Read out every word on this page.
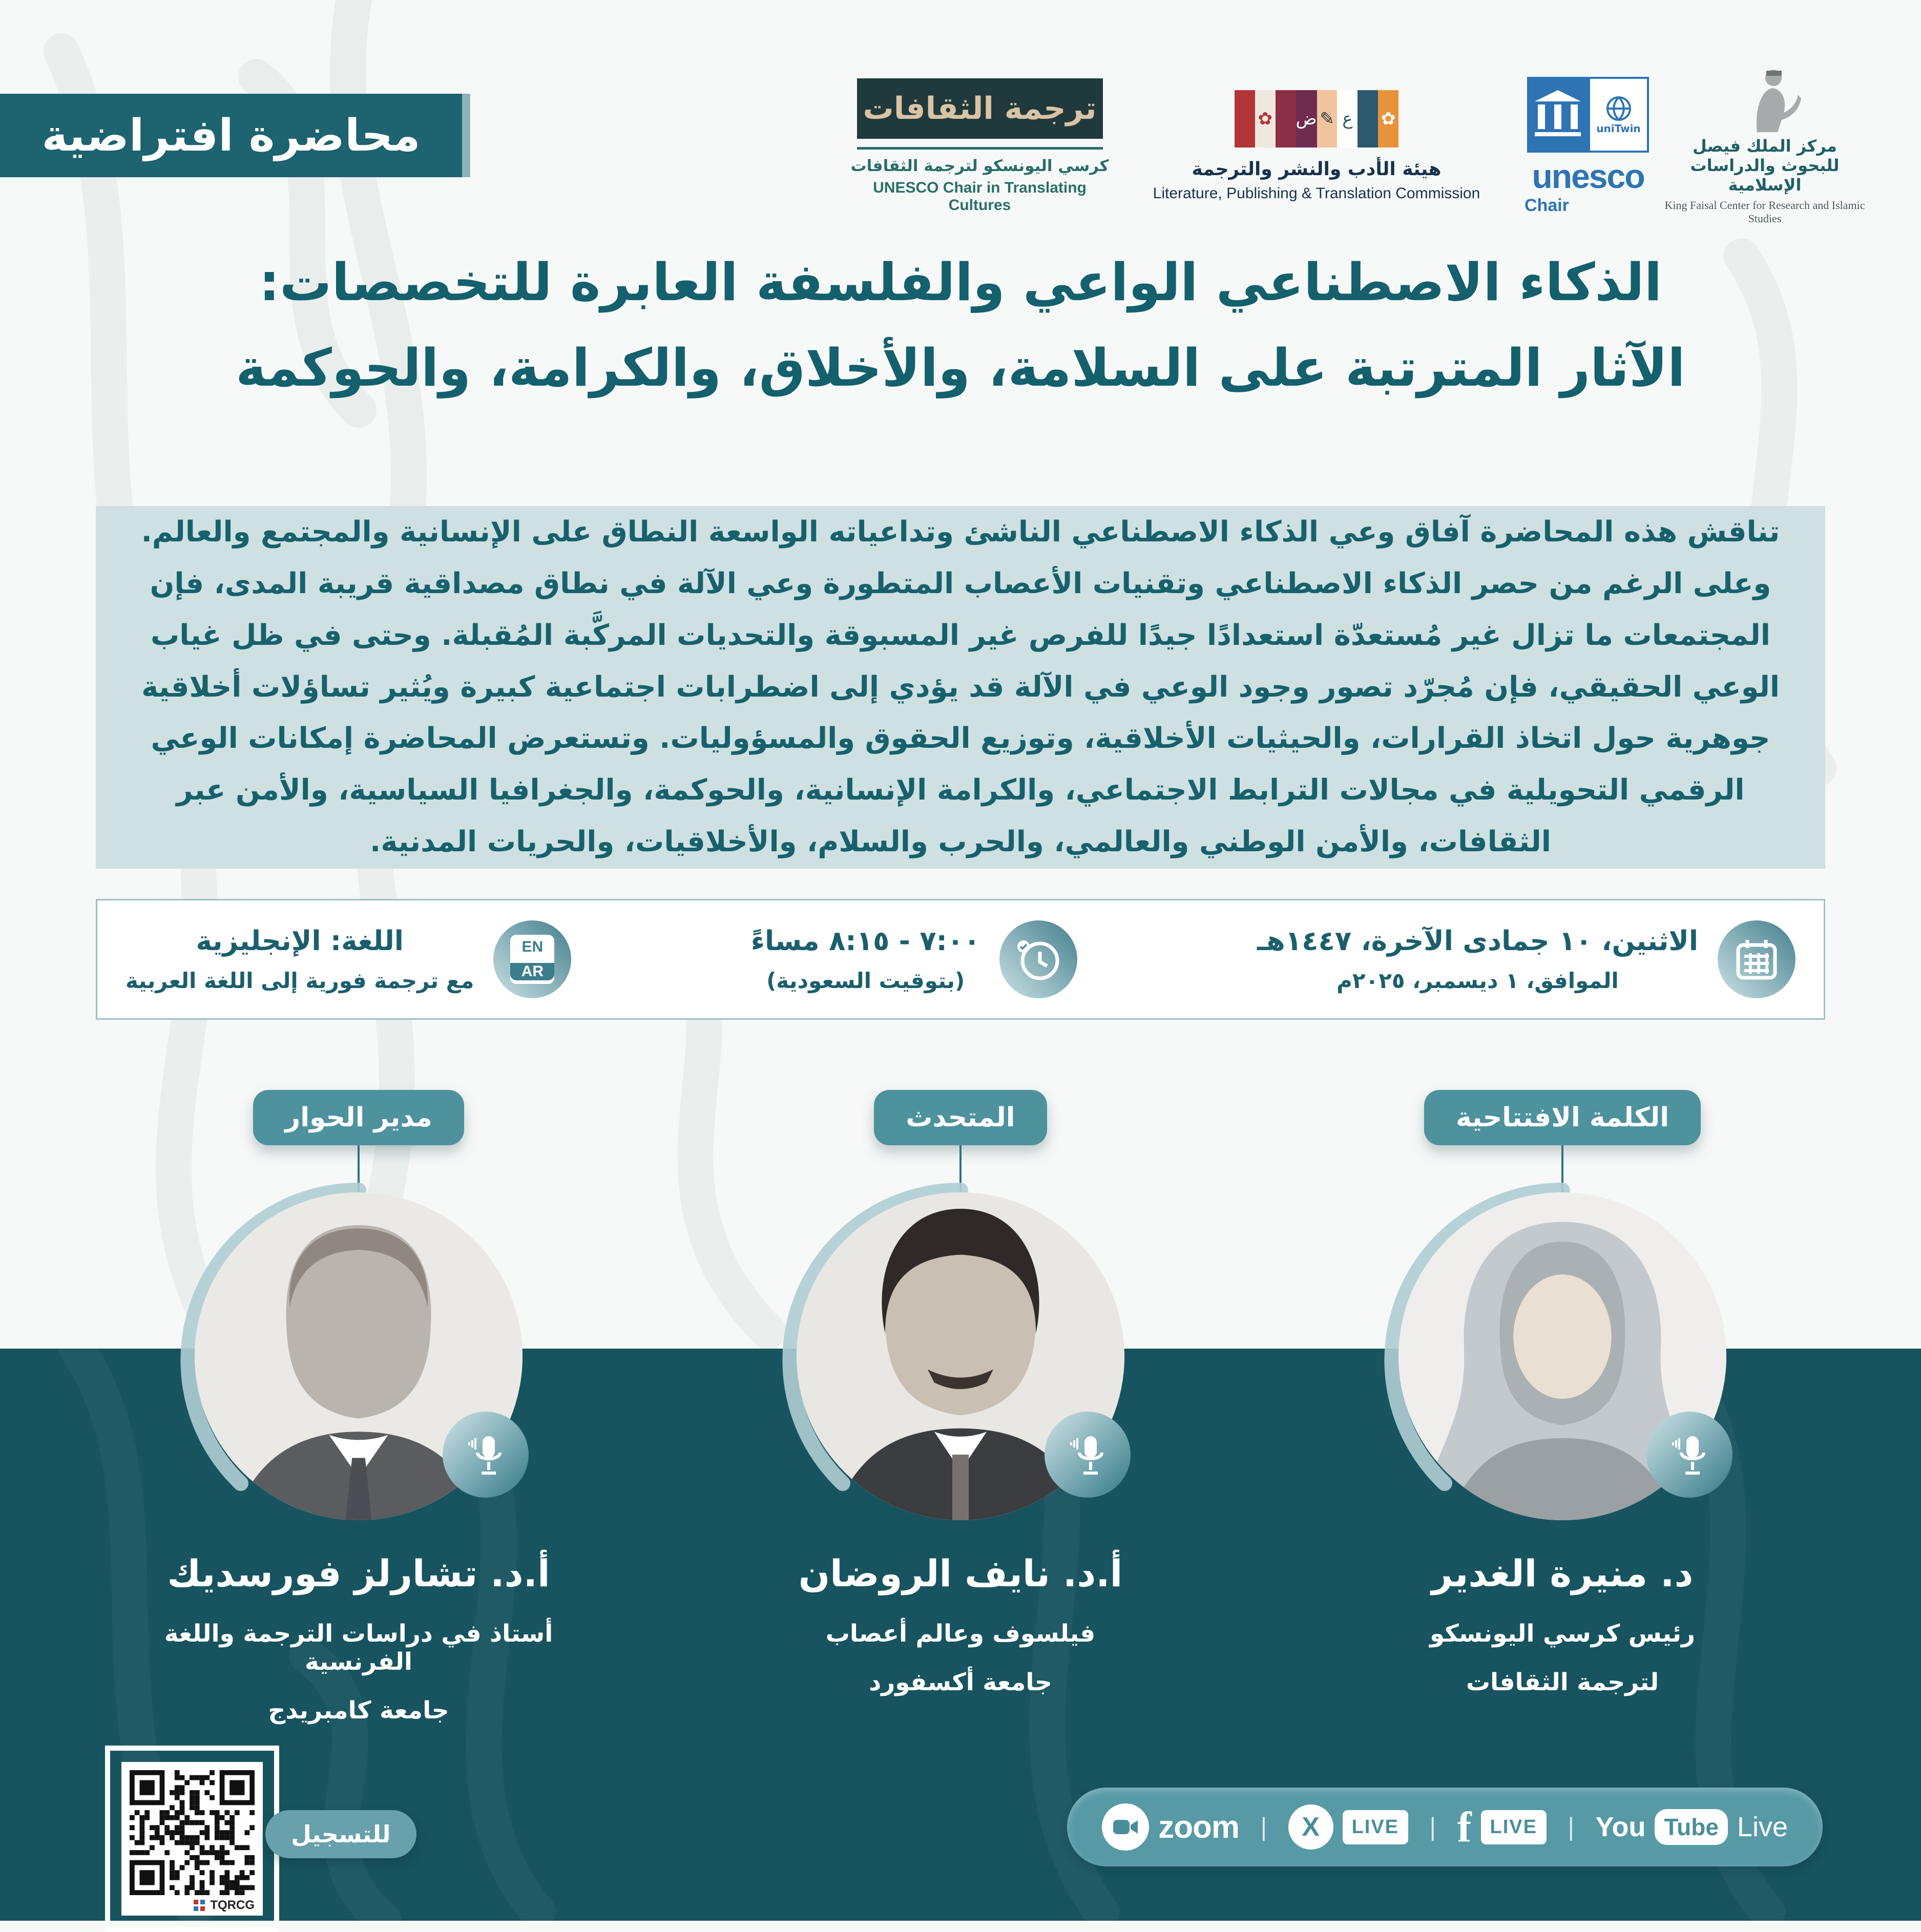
محاضرة افتراضية
ترجمة الثقافات
كرسي اليونسكو لترجمة الثقافات
UNESCO Chair in Translating Cultures
✿ ض ✎ ع ✿
هيئة الأدب والنشر والترجمة
Literature, Publishing & Translation Commission
uniTwin
unesco
Chair
مركز الملك فيصل للبحوث والدراسات الإسلامية
King Faisal Center for Research and Islamic Studies
الذكاء الاصطناعي الواعي والفلسفة العابرة للتخصصات:
الآثار المترتبة على السلامة، والأخلاق، والكرامة، والحوكمة

تناقش هذه المحاضرة آفاق وعي الذكاء الاصطناعي الناشئ وتداعياته الواسعة النطاق على الإنسانية والمجتمع والعالم. وعلى الرغم من حصر الذكاء الاصطناعي وتقنيات الأعصاب المتطورة وعي الآلة في نطاق مصداقية قريبة المدى، فإن المجتمعات ما تزال غير مُستعدّة استعدادًا جيدًا للفرص غير المسبوقة والتحديات المركَّبة المُقبلة. وحتى في ظل غياب الوعي الحقيقي، فإن مُجرّد تصور وجود الوعي في الآلة قد يؤدي إلى اضطرابات اجتماعية كبيرة ويُثير تساؤلات أخلاقية جوهرية حول اتخاذ القرارات، والحيثيات الأخلاقية، وتوزيع الحقوق والمسؤوليات. وتستعرض المحاضرة إمكانات الوعي الرقمي التحويلية في مجالات الترابط الاجتماعي، والكرامة الإنسانية، والحوكمة، والجغرافيا السياسية، والأمن عبر الثقافات، والأمن الوطني والعالمي، والحرب والسلام، والأخلاقيات، والحريات المدنية.

الاثنين، ١٠ جمادى الآخرة، ١٤٤٧هـ
الموافق، ١ ديسمبر، ٢٠٢٥م
٧:٠٠ - ٨:١٥ مساءً
(بتوقيت السعودية)
EN
AR
اللغة: الإنجليزية
مع ترجمة فورية إلى اللغة العربية
الكلمة الافتتاحية
د. منيرة الغدير
رئيس كرسي اليونسكو
لترجمة الثقافات
المتحدث
أ.د. نايف الروضان
فيلسوف وعالم أعصاب
جامعة أكسفورد
مدير الحوار
أ.د. تشارلز فورسديك
أستاذ في دراسات الترجمة واللغة الفرنسية
جامعة كامبريدج
TQRCG
للتسجيل	zoom |	X	LIVE	| f LIVE	| You Tube Live
